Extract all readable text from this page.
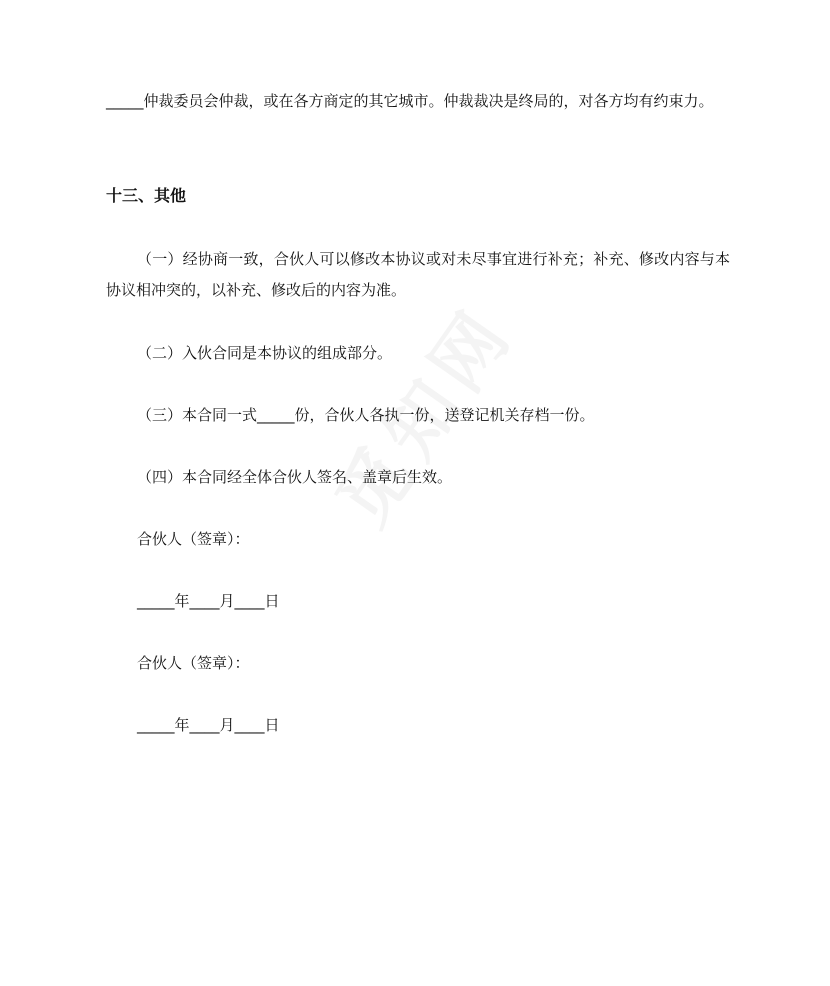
_____仲裁委员会仲裁，或在各方商定的其它城市。仲裁裁决是终局的，对各方均有约束力。

十三、其他

（一）经协商一致，合伙人可以修改本协议或对未尽事宜进行补充；补充、修改内容与本协议相冲突的，以补充、修改后的内容为准。

（二）入伙合同是本协议的组成部分。

（三）本合同一式_____份，合伙人各执一份，送登记机关存档一份。

（四）本合同经全体合伙人签名、盖章后生效。

合伙人（签章）：

_____年____月____日

合伙人（签章）：

_____年____月____日
